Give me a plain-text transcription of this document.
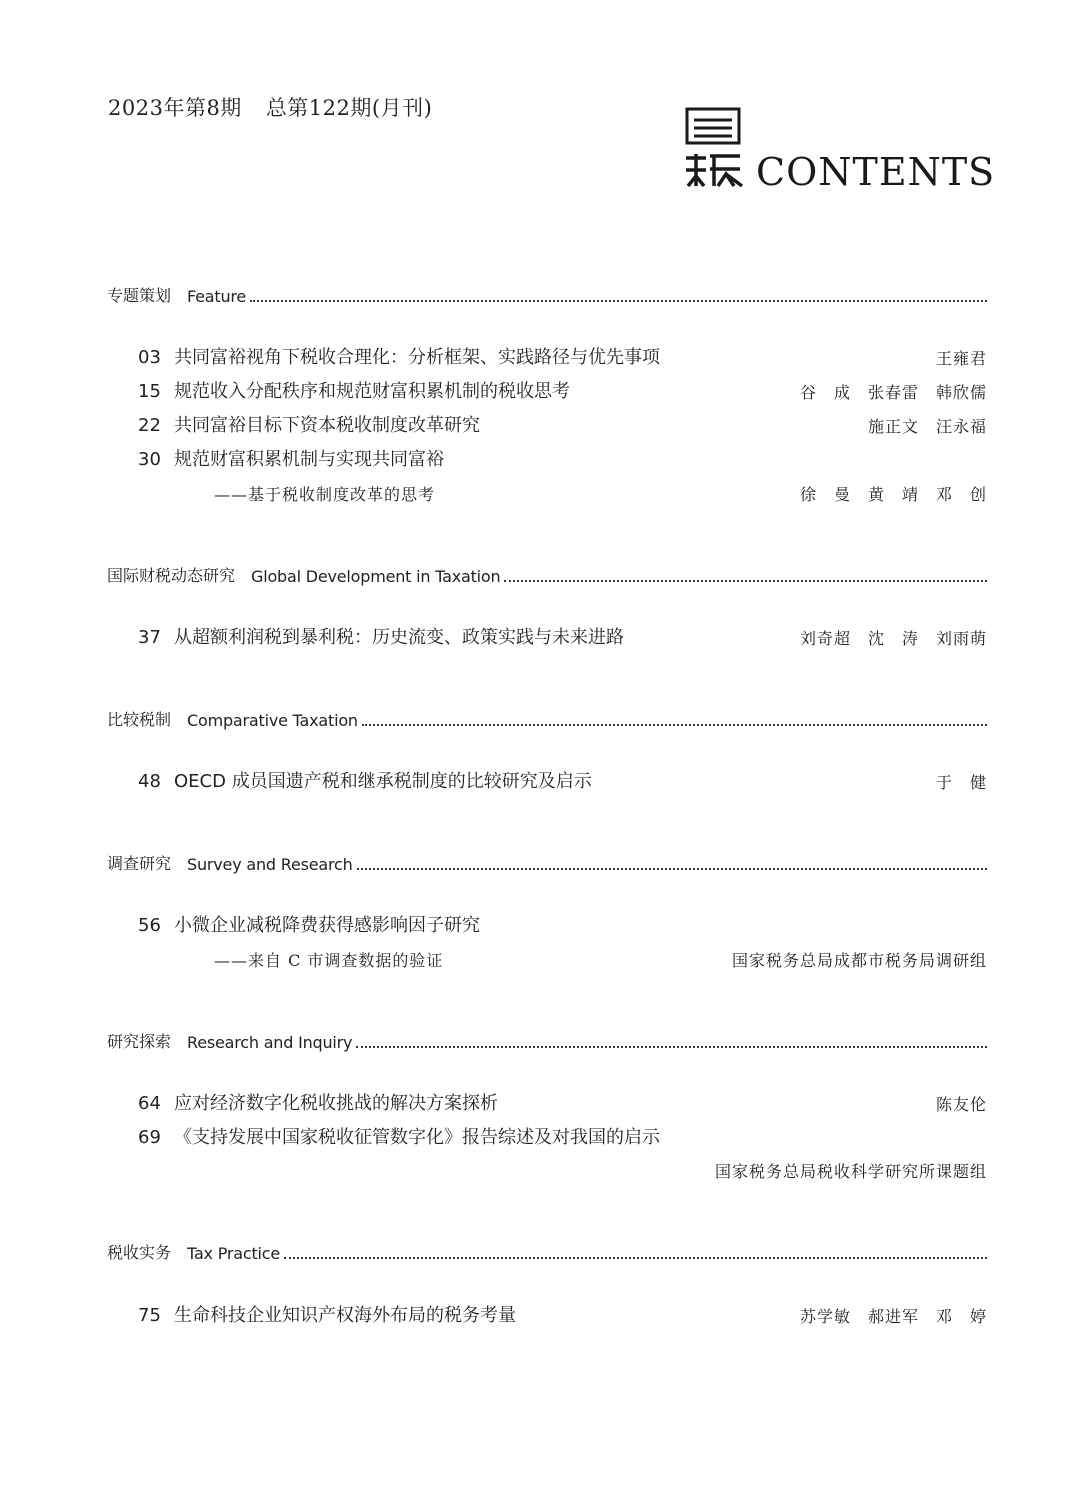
2023年第8期 总第122期(月刊)
CONTENTS
专题策划 Feature
03 共同富裕视角下税收合理化：分析框架、实践路径与优先事项	王雍君
15 规范收入分配秩序和规范财富积累机制的税收思考	谷　成　张春雷　韩欣儒
22 共同富裕目标下资本税收制度改革研究	施正文　汪永福
30 规范财富积累机制与实现共同富裕
——基于税收制度改革的思考	徐　曼　黄　靖　邓　创
国际财税动态研究 Global Development in Taxation
37 从超额利润税到暴利税：历史流变、政策实践与未来进路	刘奇超　沈　涛　刘雨萌
比较税制 Comparative Taxation
48 OECD 成员国遗产税和继承税制度的比较研究及启示	于　健
调查研究 Survey and Research
56 小微企业减税降费获得感影响因子研究
——来自 C 市调查数据的验证	国家税务总局成都市税务局调研组
研究探索 Research and Inquiry
64 应对经济数字化税收挑战的解决方案探析	陈友伦
69 《支持发展中国家税收征管数字化》报告综述及对我国的启示
国家税务总局税收科学研究所课题组
税收实务 Tax Practice
75 生命科技企业知识产权海外布局的税务考量	苏学敏　郝进军　邓　婷
